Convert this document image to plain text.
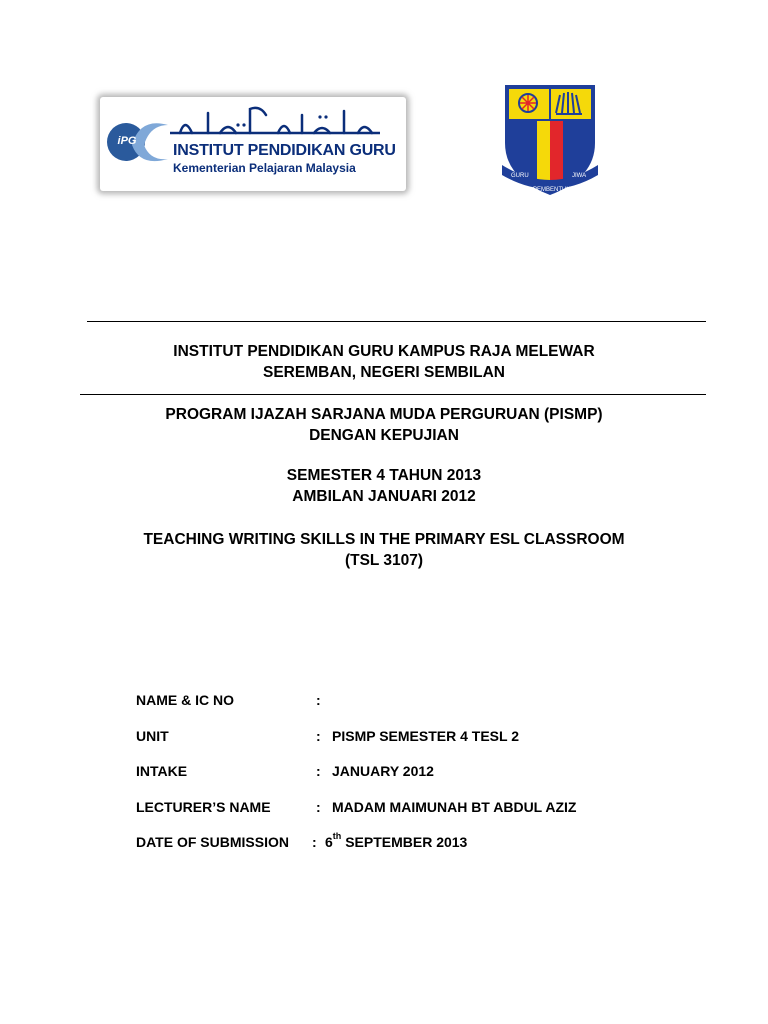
iPG
INSTITUT PENDIDIKAN GURU
Kementerian Pelajaran Malaysia
GURU	JIWA
PEMBENTUK
INSTITUT PENDIDIKAN GURU KAMPUS RAJA MELEWAR
SEREMBAN, NEGERI SEMBILAN
PROGRAM IJAZAH SARJANA MUDA PERGURUAN (PISMP)
DENGAN KEPUJIAN
SEMESTER 4 TAHUN 2013
AMBILAN JANUARI 2012
TEACHING WRITING SKILLS IN THE PRIMARY ESL CLASSROOM
(TSL 3107)
NAME & IC NO	:
UNIT	: PISMP SEMESTER 4 TESL 2
INTAKE	: JANUARY 2012
LECTURER’S NAME	: MADAM MAIMUNAH BT ABDUL AZIZ
DATE OF SUBMISSION : 6th SEPTEMBER 2013
